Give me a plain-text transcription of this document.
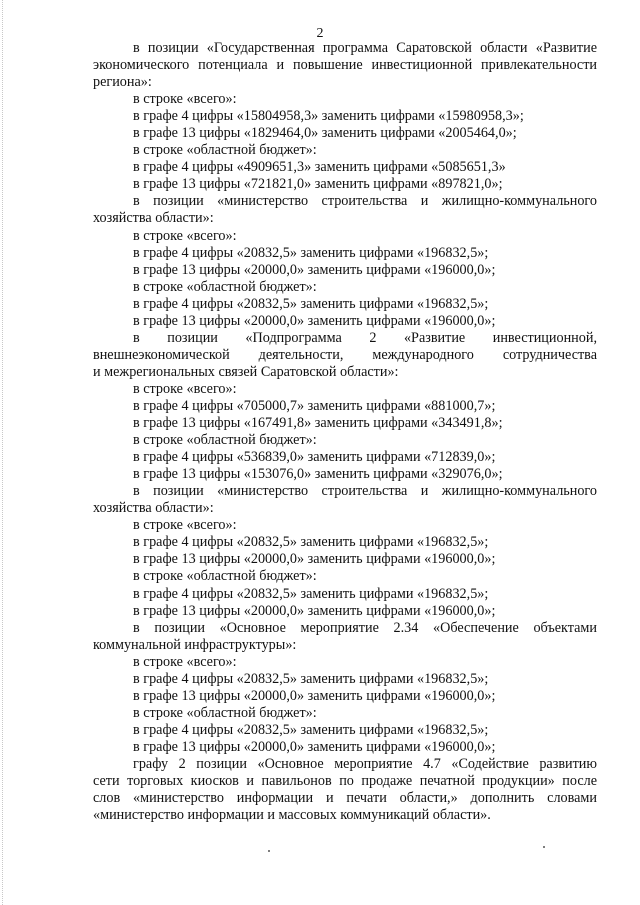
2
в позиции «Государственная программа Саратовской области «Развитие
экономического потенциала и повышение инвестиционной привлекательности
региона»:
в строке «всего»:
в графе 4 цифры «15804958,3» заменить цифрами «15980958,3»;
в графе 13 цифры «1829464,0» заменить цифрами «2005464,0»;
в строке «областной бюджет»:
в графе 4 цифры «4909651,3» заменить цифрами «5085651,3»
в графе 13 цифры «721821,0» заменить цифрами «897821,0»;
в позиции «министерство строительства и жилищно-коммунального
хозяйства области»:
в строке «всего»:
в графе 4 цифры «20832,5» заменить цифрами «196832,5»;
в графе 13 цифры «20000,0» заменить цифрами «196000,0»;
в строке «областной бюджет»:
в графе 4 цифры «20832,5» заменить цифрами «196832,5»;
в графе 13 цифры «20000,0» заменить цифрами «196000,0»;
в позиции «Подпрограмма 2 «Развитие инвестиционной,
внешнеэкономической деятельности, международного сотрудничества
и межрегиональных связей Саратовской области»:
в строке «всего»:
в графе 4 цифры «705000,7» заменить цифрами «881000,7»;
в графе 13 цифры «167491,8» заменить цифрами «343491,8»;
в строке «областной бюджет»:
в графе 4 цифры «536839,0» заменить цифрами «712839,0»;
в графе 13 цифры «153076,0» заменить цифрами «329076,0»;
в позиции «министерство строительства и жилищно-коммунального
хозяйства области»:
в строке «всего»:
в графе 4 цифры «20832,5» заменить цифрами «196832,5»;
в графе 13 цифры «20000,0» заменить цифрами «196000,0»;
в строке «областной бюджет»:
в графе 4 цифры «20832,5» заменить цифрами «196832,5»;
в графе 13 цифры «20000,0» заменить цифрами «196000,0»;
в позиции «Основное мероприятие 2.34 «Обеспечение объектами
коммунальной инфраструктуры»:
в строке «всего»:
в графе 4 цифры «20832,5» заменить цифрами «196832,5»;
в графе 13 цифры «20000,0» заменить цифрами «196000,0»;
в строке «областной бюджет»:
в графе 4 цифры «20832,5» заменить цифрами «196832,5»;
в графе 13 цифры «20000,0» заменить цифрами «196000,0»;
графу 2 позиции «Основное мероприятие 4.7 «Содействие развитию
сети торговых киосков и павильонов по продаже печатной продукции» после
слов «министерство информации и печати области,» дополнить словами
«министерство информации и массовых коммуникаций области».
